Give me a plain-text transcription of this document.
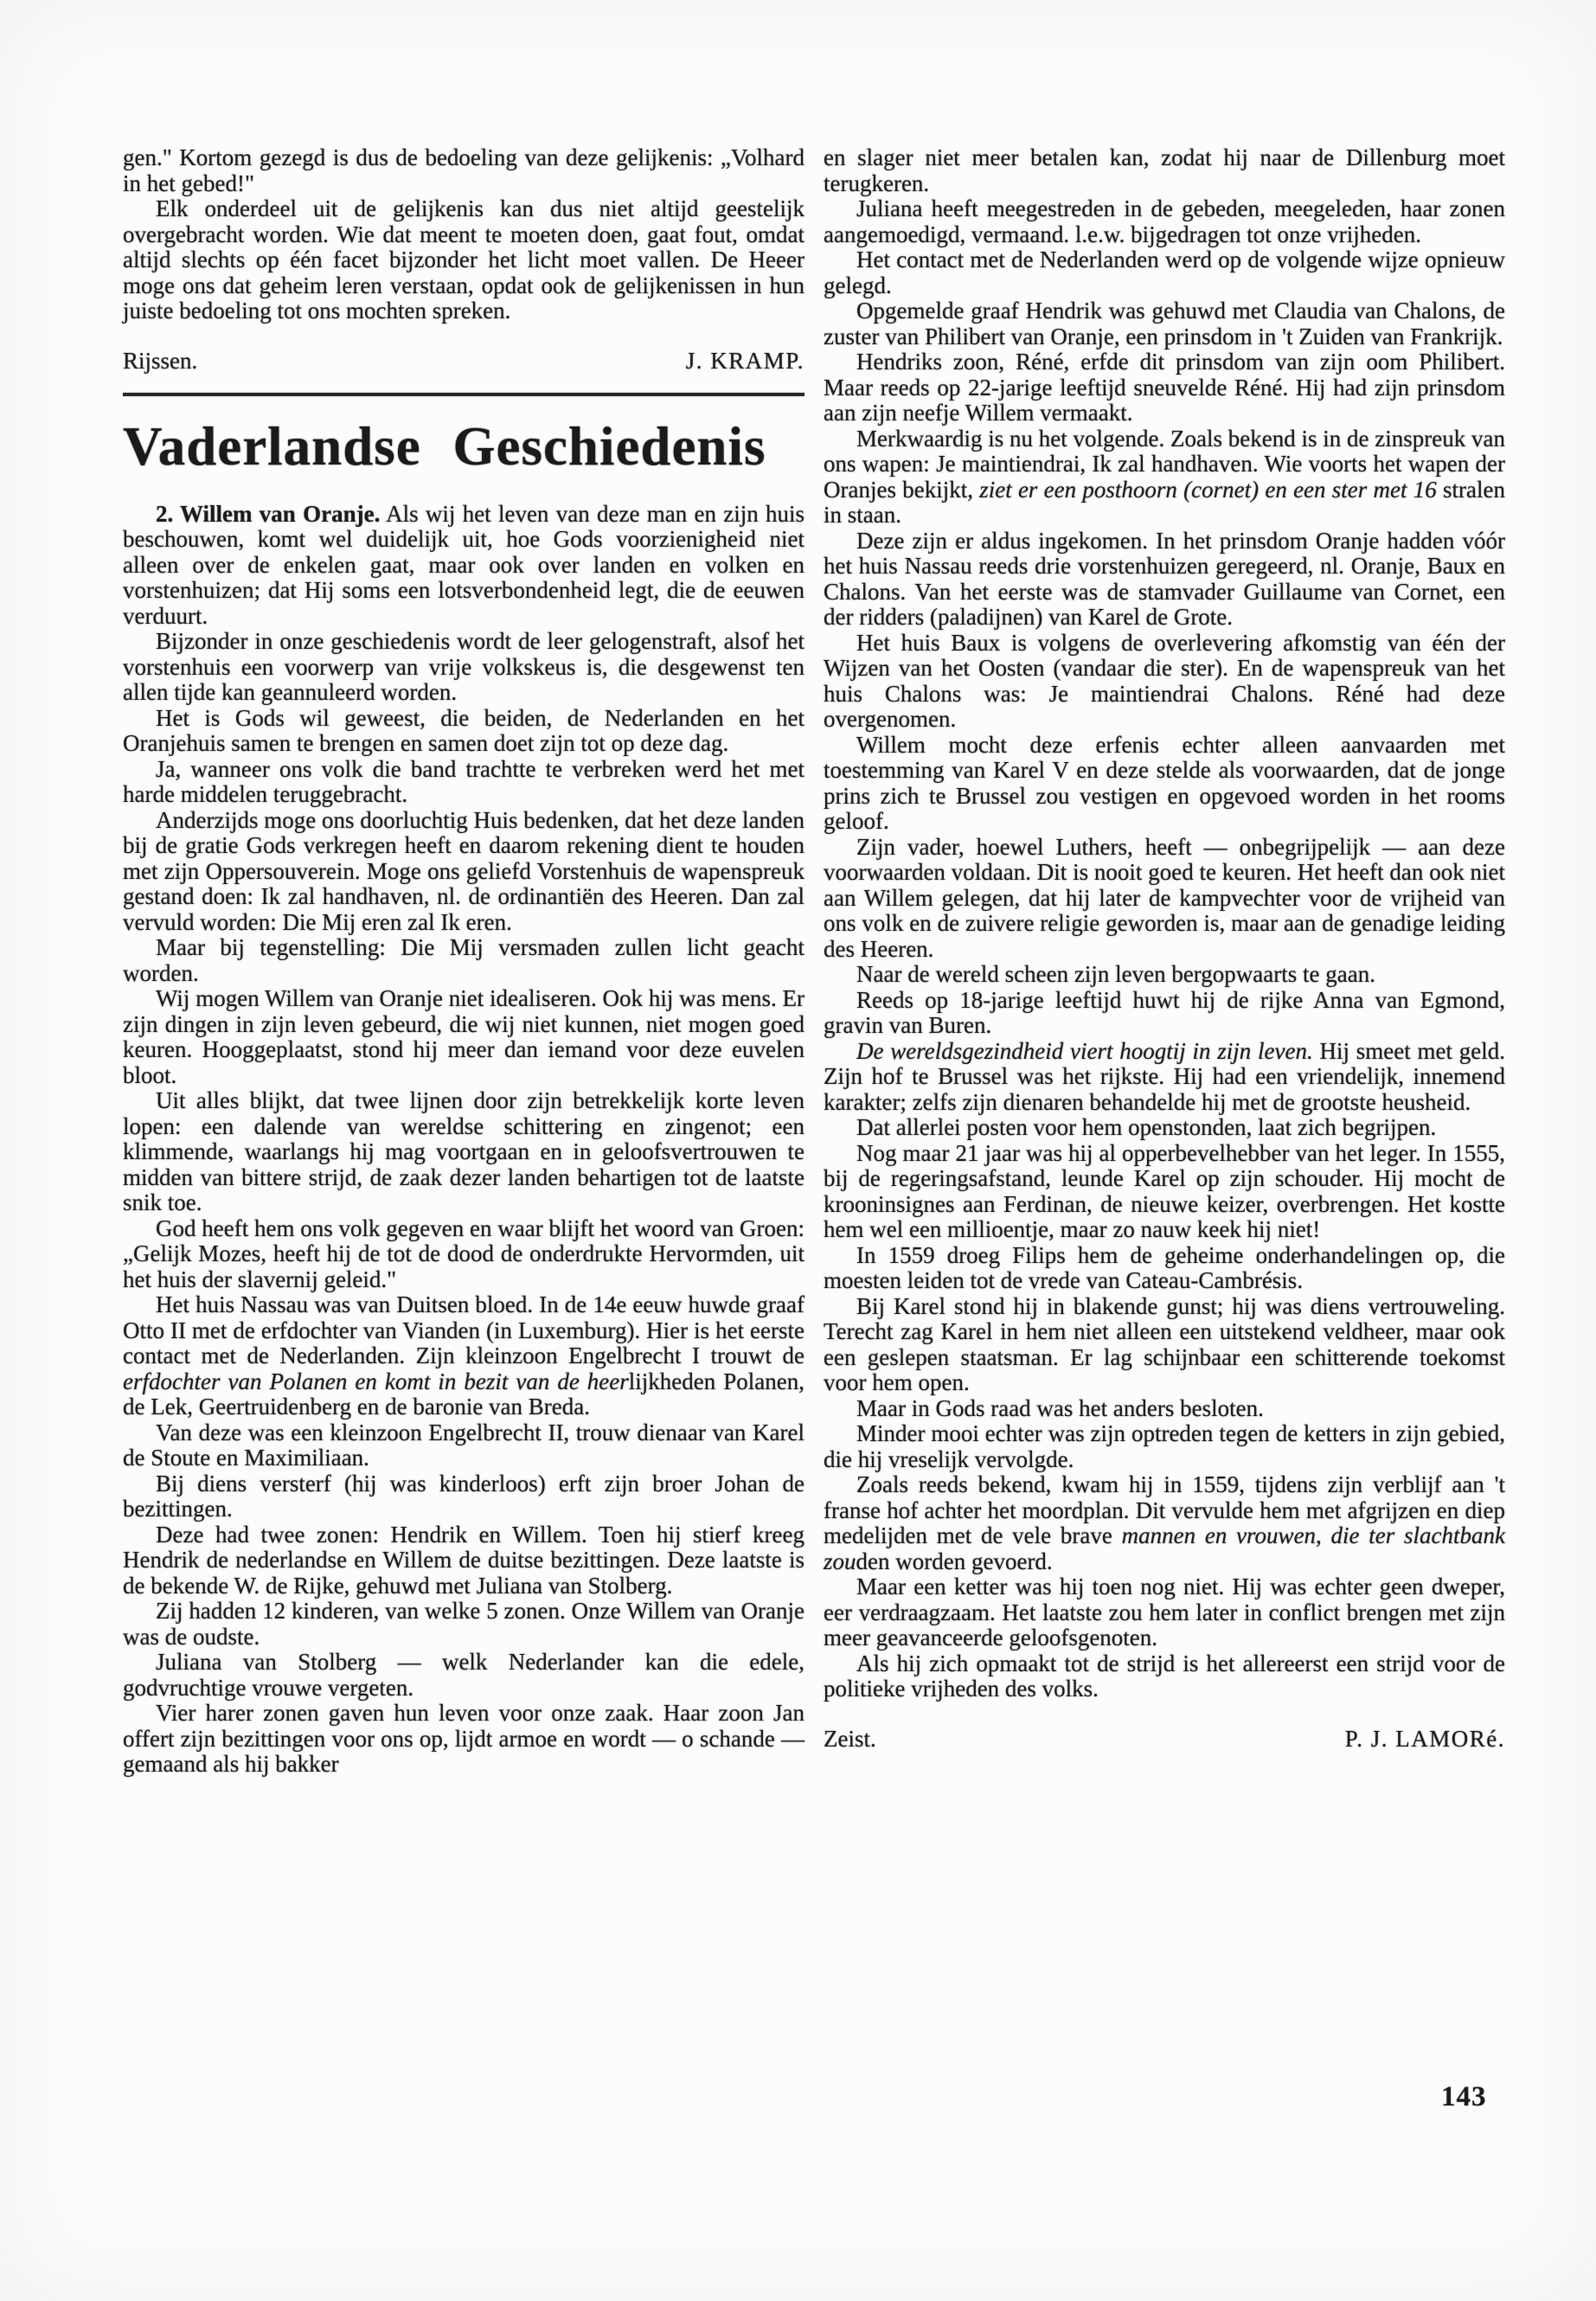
gen." Kortom gezegd is dus de bedoeling van deze gelijkenis: „Volhard in het gebed!"

Elk onderdeel uit de gelijkenis kan dus niet altijd geestelijk overgebracht worden. Wie dat meent te moeten doen, gaat fout, omdat altijd slechts op één facet bijzonder het licht moet vallen. De Heeer moge ons dat geheim leren verstaan, opdat ook de gelijkenissen in hun juiste bedoeling tot ons mochten spreken.

Rijssen.	J. KRAMP.
Vaderlandse Geschiedenis

2. Willem van Oranje. Als wij het leven van deze man en zijn huis beschouwen, komt wel duidelijk uit, hoe Gods voorzienigheid niet alleen over de enkelen gaat, maar ook over landen en volken en vorstenhuizen; dat Hij soms een lotsverbondenheid legt, die de eeuwen verduurt.

Bijzonder in onze geschiedenis wordt de leer gelogenstraft, alsof het vorstenhuis een voorwerp van vrije volkskeus is, die desgewenst ten allen tijde kan geannuleerd worden.

Het is Gods wil geweest, die beiden, de Nederlanden en het Oranjehuis samen te brengen en samen doet zijn tot op deze dag.

Ja, wanneer ons volk die band trachtte te verbreken werd het met harde middelen teruggebracht.

Anderzijds moge ons doorluchtig Huis bedenken, dat het deze landen bij de gratie Gods verkregen heeft en daarom rekening dient te houden met zijn Oppersouverein. Moge ons geliefd Vorstenhuis de wapenspreuk gestand doen: Ik zal handhaven, nl. de ordinantiën des Heeren. Dan zal vervuld worden: Die Mij eren zal Ik eren.

Maar bij tegenstelling: Die Mij versmaden zullen licht geacht worden.

Wij mogen Willem van Oranje niet idealiseren. Ook hij was mens. Er zijn dingen in zijn leven gebeurd, die wij niet kunnen, niet mogen goed keuren. Hooggeplaatst, stond hij meer dan iemand voor deze euvelen bloot.

Uit alles blijkt, dat twee lijnen door zijn betrekkelijk korte leven lopen: een dalende van wereldse schittering en zingenot; een klimmende, waarlangs hij mag voortgaan en in geloofsvertrouwen te midden van bittere strijd, de zaak dezer landen behartigen tot de laatste snik toe.

God heeft hem ons volk gegeven en waar blijft het woord van Groen: „Gelijk Mozes, heeft hij de tot de dood de onderdrukte Hervormden, uit het huis der slavernij geleid."

Het huis Nassau was van Duitsen bloed. In de 14e eeuw huwde graaf Otto II met de erfdochter van Vianden (in Luxemburg). Hier is het eerste contact met de Nederlanden. Zijn kleinzoon Engelbrecht I trouwt de erfdochter van Polanen en komt in bezit van de heerlijkheden Polanen, de Lek, Geertruidenberg en de baronie van Breda.

Van deze was een kleinzoon Engelbrecht II, trouw dienaar van Karel de Stoute en Maximiliaan.

Bij diens versterf (hij was kinderloos) erft zijn broer Johan de bezittingen.

Deze had twee zonen: Hendrik en Willem. Toen hij stierf kreeg Hendrik de nederlandse en Willem de duitse bezittingen. Deze laatste is de bekende W. de Rijke, gehuwd met Juliana van Stolberg.

Zij hadden 12 kinderen, van welke 5 zonen. Onze Willem van Oranje was de oudste.

Juliana van Stolberg — welk Nederlander kan die edele, godvruchtige vrouwe vergeten.

Vier harer zonen gaven hun leven voor onze zaak. Haar zoon Jan offert zijn bezittingen voor ons op, lijdt armoe en wordt — o schande — gemaand als hij bakker

en slager niet meer betalen kan, zodat hij naar de Dillenburg moet terugkeren.

Juliana heeft meegestreden in de gebeden, meegeleden, haar zonen aangemoedigd, vermaand. l.e.w. bijgedragen tot onze vrijheden.

Het contact met de Nederlanden werd op de volgende wijze opnieuw gelegd.

Opgemelde graaf Hendrik was gehuwd met Claudia van Chalons, de zuster van Philibert van Oranje, een prinsdom in 't Zuiden van Frankrijk.

Hendriks zoon, Réné, erfde dit prinsdom van zijn oom Philibert. Maar reeds op 22-jarige leeftijd sneuvelde Réné. Hij had zijn prinsdom aan zijn neefje Willem vermaakt.

Merkwaardig is nu het volgende. Zoals bekend is in de zinspreuk van ons wapen: Je maintiendrai, Ik zal handhaven. Wie voorts het wapen der Oranjes bekijkt, ziet er een posthoorn (cornet) en een ster met 16 stralen in staan.

Deze zijn er aldus ingekomen. In het prinsdom Oranje hadden vóór het huis Nassau reeds drie vorstenhuizen geregeerd, nl. Oranje, Baux en Chalons. Van het eerste was de stamvader Guillaume van Cornet, een der ridders (paladijnen) van Karel de Grote.

Het huis Baux is volgens de overlevering afkomstig van één der Wijzen van het Oosten (vandaar die ster). En de wapenspreuk van het huis Chalons was: Je maintiendrai Chalons. Réné had deze overgenomen.

Willem mocht deze erfenis echter alleen aanvaarden met toestemming van Karel V en deze stelde als voorwaarden, dat de jonge prins zich te Brussel zou vestigen en opgevoed worden in het rooms geloof.

Zijn vader, hoewel Luthers, heeft — onbegrijpelijk — aan deze voorwaarden voldaan. Dit is nooit goed te keuren. Het heeft dan ook niet aan Willem gelegen, dat hij later de kampvechter voor de vrijheid van ons volk en de zuivere religie geworden is, maar aan de genadige leiding des Heeren.

Naar de wereld scheen zijn leven bergopwaarts te gaan.

Reeds op 18-jarige leeftijd huwt hij de rijke Anna van Egmond, gravin van Buren.

De wereldsgezindheid viert hoogtij in zijn leven. Hij smeet met geld. Zijn hof te Brussel was het rijkste. Hij had een vriendelijk, innemend karakter; zelfs zijn dienaren behandelde hij met de grootste heusheid.

Dat allerlei posten voor hem openstonden, laat zich begrijpen.

Nog maar 21 jaar was hij al opperbevelhebber van het leger. In 1555, bij de regeringsafstand, leunde Karel op zijn schouder. Hij mocht de krooninsignes aan Ferdinan, de nieuwe keizer, overbrengen. Het kostte hem wel een millioentje, maar zo nauw keek hij niet!

In 1559 droeg Filips hem de geheime onderhandelingen op, die moesten leiden tot de vrede van Cateau-Cambrésis.

Bij Karel stond hij in blakende gunst; hij was diens vertrouweling. Terecht zag Karel in hem niet alleen een uitstekend veldheer, maar ook een geslepen staatsman. Er lag schijnbaar een schitterende toekomst voor hem open.

Maar in Gods raad was het anders besloten.

Minder mooi echter was zijn optreden tegen de ketters in zijn gebied, die hij vreselijk vervolgde.

Zoals reeds bekend, kwam hij in 1559, tijdens zijn verblijf aan 't franse hof achter het moordplan. Dit vervulde hem met afgrijzen en diep medelijden met de vele brave mannen en vrouwen, die ter slachtbank zouden worden gevoerd.

Maar een ketter was hij toen nog niet. Hij was echter geen dweper, eer verdraagzaam. Het laatste zou hem later in conflict brengen met zijn meer geavanceerde geloofsgenoten.

Als hij zich opmaakt tot de strijd is het allereerst een strijd voor de politieke vrijheden des volks.

Zeist.	P. J. LAMORé.
143
